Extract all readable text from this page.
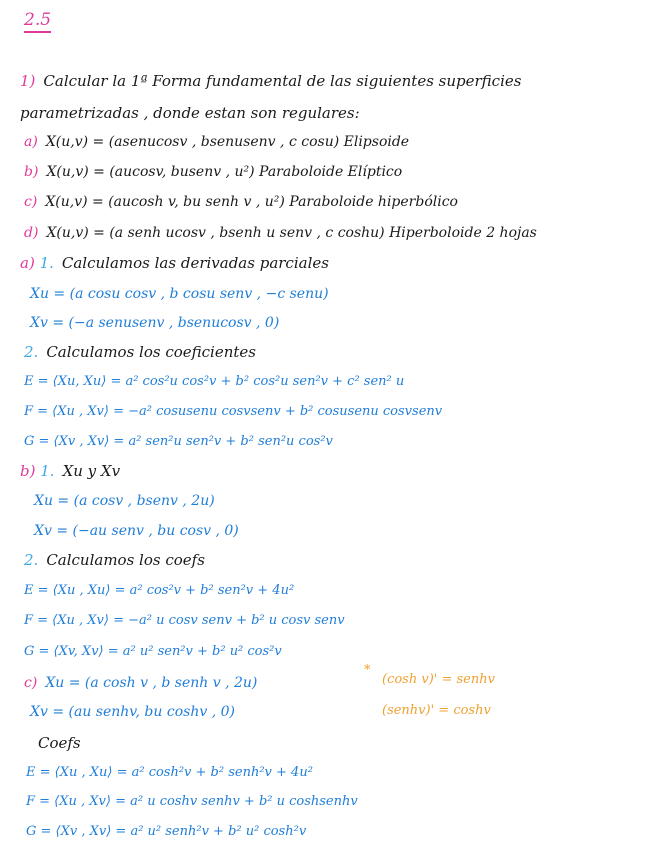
2.5
1) Calcular la 1ª Forma fundamental de las siguientes superficies
parametrizadas , donde estan son regulares:
a) X(u,v) = (asenucosv , bsenusenv , c cosu) Elipsoide
b) X(u,v) = (aucosv, busenv , u²) Paraboloide Elíptico
c) X(u,v) = (aucosh v, bu senh v , u²) Paraboloide hiperbólico
d) X(u,v) = (a senh ucosv , bsenh u senv , c coshu) Hiperboloide 2 hojas
a) 1. Calculamos las derivadas parciales
Xu = (a cosu cosv , b cosu senv , −c senu)
Xv = (−a senusenv , bsenucosv , 0)
2. Calculamos los coeficientes
E = ⟨Xu, Xu⟩ = a² cos²u cos²v + b² cos²u sen²v + c² sen² u
F = ⟨Xu , Xv⟩ = −a² cosusenu cosvsenv + b² cosusenu cosvsenv
G = ⟨Xv , Xv⟩ = a² sen²u sen²v + b² sen²u cos²v
b) 1. Xu y Xv
Xu = (a cosv , bsenv , 2u)
Xv = (−au senv , bu cosv , 0)
2. Calculamos los coefs
E = ⟨Xu , Xu⟩ = a² cos²v + b² sen²v + 4u²
F = ⟨Xu , Xv⟩ = −a² u cosv senv + b² u cosv senv
G = ⟨Xv, Xv⟩ = a² u² sen²v + b² u² cos²v
c) Xu = (a cosh v , b senh v , 2u)
Xv = (au senhv, bu coshv , 0)
*
(cosh v)' = senhv
(senhv)' = coshv
Coefs
E = ⟨Xu , Xu⟩ = a² cosh²v + b² senh²v + 4u²
F = ⟨Xu , Xv⟩ = a² u coshv senhv + b² u coshsenhv
G = ⟨Xv , Xv⟩ = a² u² senh²v + b² u² cosh²v
